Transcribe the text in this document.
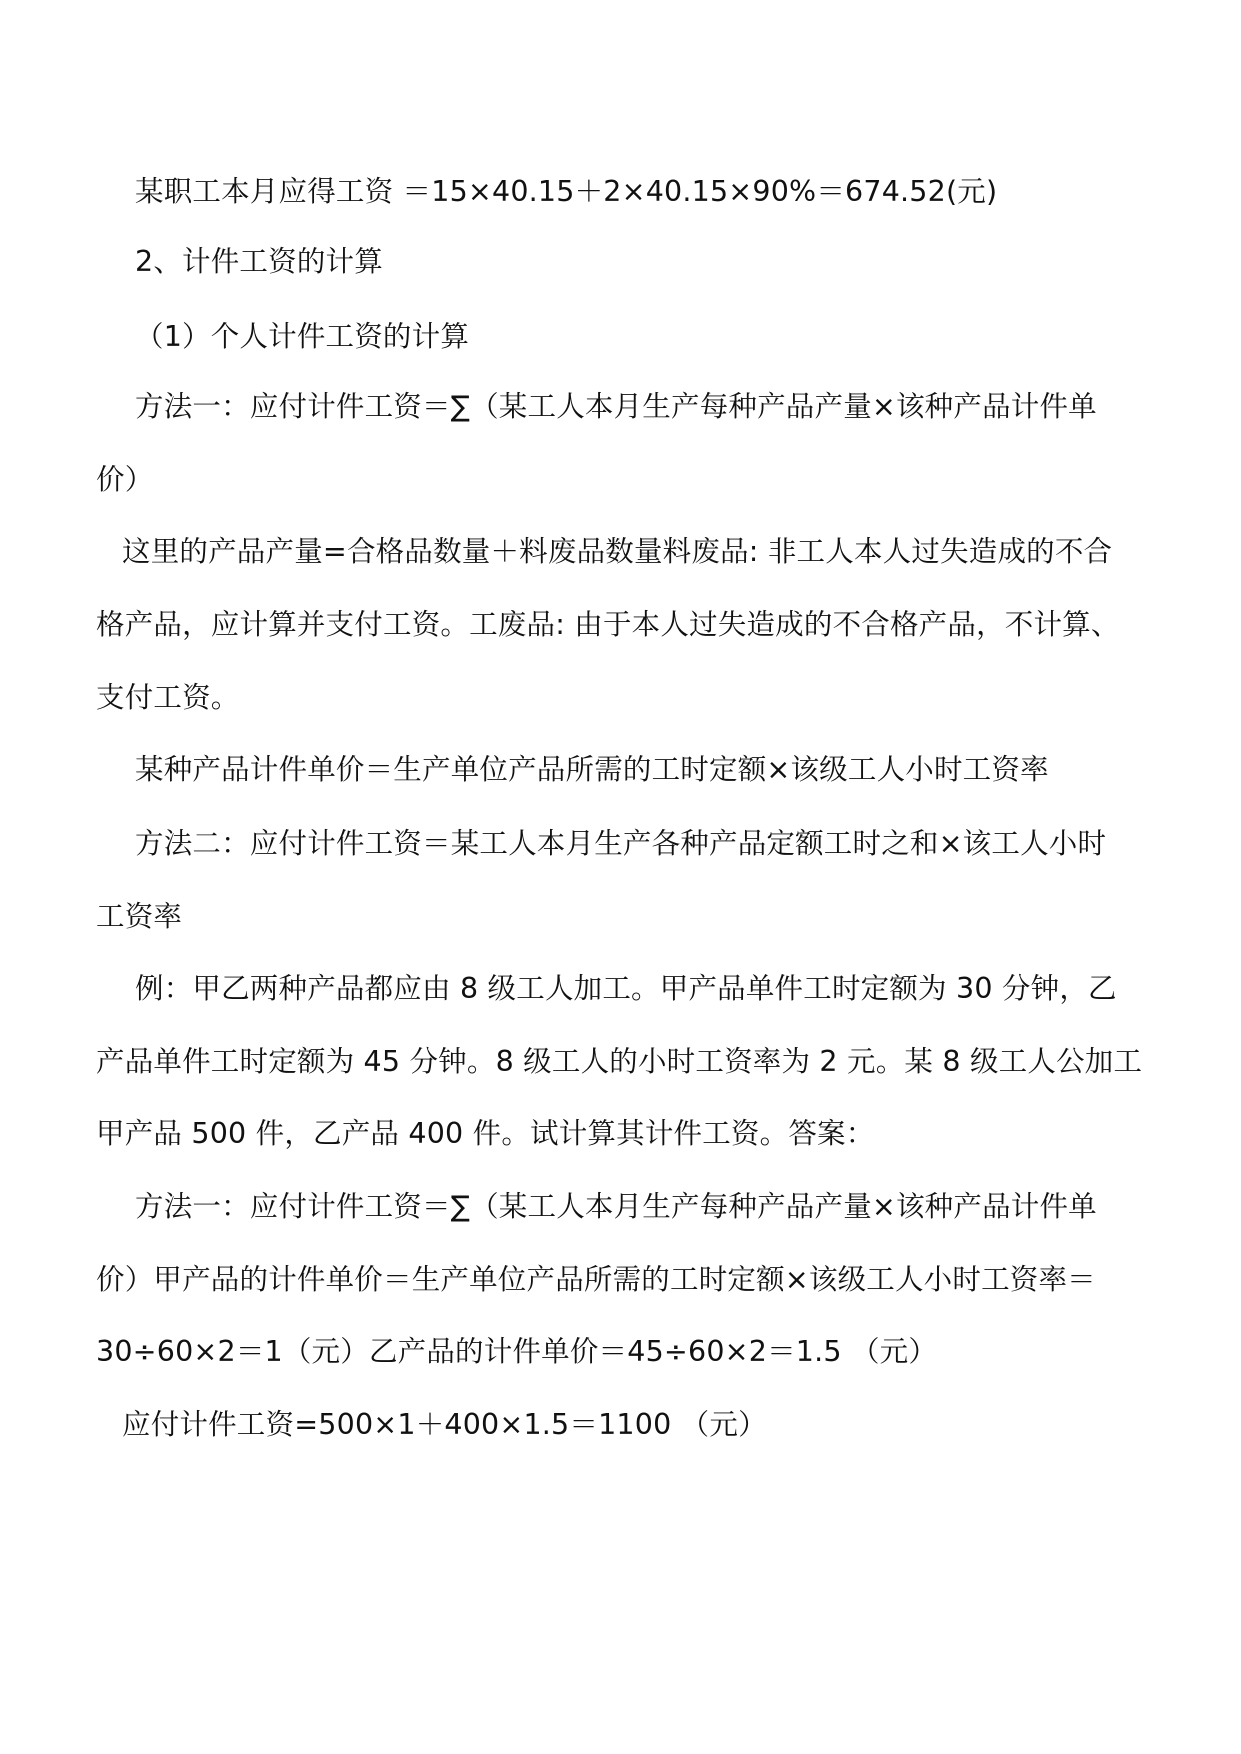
某职工本月应得工资 ＝15×40.15＋2×40.15×90%＝674.52(元)
2、计件工资的计算
（1）个人计件工资的计算
方法一：应付计件工资＝∑（某工人本月生产每种产品产量×该种产品计件单
价）
这里的产品产量=合格品数量＋料废品数量料废品: 非工人本人过失造成的不合
格产品，应计算并支付工资。工废品: 由于本人过失造成的不合格产品，不计算、
支付工资。
某种产品计件单价＝生产单位产品所需的工时定额×该级工人小时工资率
方法二：应付计件工资＝某工人本月生产各种产品定额工时之和×该工人小时
工资率
例：甲乙两种产品都应由 8 级工人加工。甲产品单件工时定额为 30 分钟，乙
产品单件工时定额为 45 分钟。8 级工人的小时工资率为 2 元。某 8 级工人公加工
甲产品 500 件，乙产品 400 件。试计算其计件工资。答案：
方法一：应付计件工资＝∑（某工人本月生产每种产品产量×该种产品计件单
价）甲产品的计件单价＝生产单位产品所需的工时定额×该级工人小时工资率＝
30÷60×2＝1（元）乙产品的计件单价＝45÷60×2＝1.5 （元）
应付计件工资=500×1＋400×1.5＝1100 （元）
